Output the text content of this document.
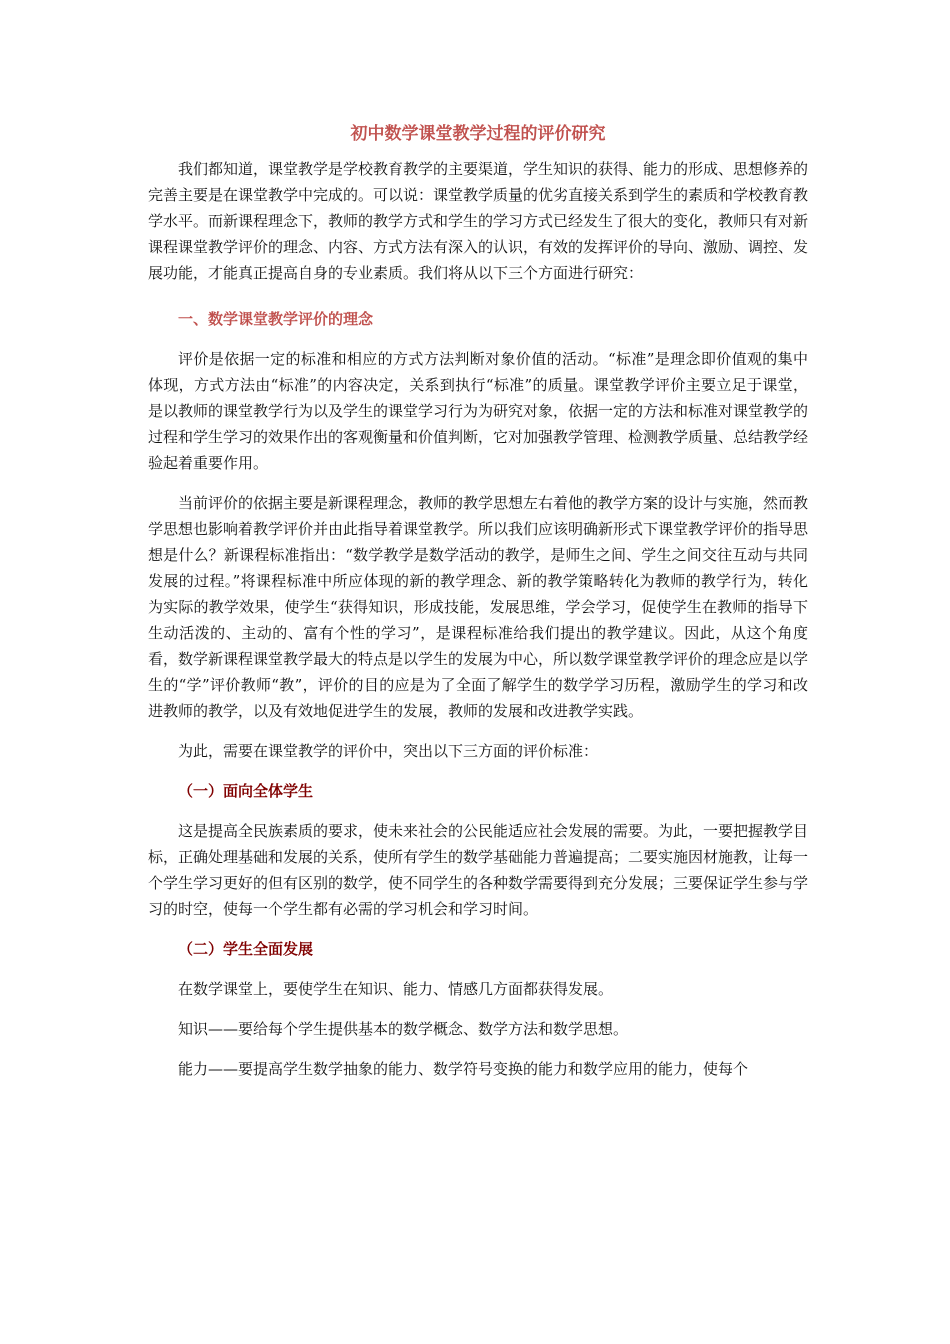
初中数学课堂教学过程的评价研究

我们都知道，课堂教学是学校教育教学的主要渠道，学生知识的获得、能力的形成、思想修养的完善主要是在课堂教学中完成的。可以说：课堂教学质量的优劣直接关系到学生的素质和学校教育教学水平。而新课程理念下，教师的教学方式和学生的学习方式已经发生了很大的变化，教师只有对新课程课堂教学评价的理念、内容、方式方法有深入的认识，有效的发挥评价的导向、激励、调控、发展功能，才能真正提高自身的专业素质。我们将从以下三个方面进行研究：

一、数学课堂教学评价的理念

评价是依据一定的标准和相应的方式方法判断对象价值的活动。“标准”是理念即价值观的集中体现，方式方法由“标准”的内容决定，关系到执行“标准”的质量。课堂教学评价主要立足于课堂，是以教师的课堂教学行为以及学生的课堂学习行为为研究对象，依据一定的方法和标准对课堂教学的过程和学生学习的效果作出的客观衡量和价值判断，它对加强教学管理、检测教学质量、总结教学经验起着重要作用。

当前评价的依据主要是新课程理念，教师的教学思想左右着他的教学方案的设计与实施，然而教学思想也影响着教学评价并由此指导着课堂教学。所以我们应该明确新形式下课堂教学评价的指导思想是什么？新课程标准指出：“数学教学是数学活动的教学，是师生之间、学生之间交往互动与共同发展的过程。”将课程标准中所应体现的新的教学理念、新的教学策略转化为教师的教学行为，转化为实际的教学效果，使学生“获得知识，形成技能，发展思维，学会学习，促使学生在教师的指导下生动活泼的、主动的、富有个性的学习”，是课程标准给我们提出的教学建议。因此，从这个角度看，数学新课程课堂教学最大的特点是以学生的发展为中心，所以数学课堂教学评价的理念应是以学生的“学”评价教师“教”，评价的目的应是为了全面了解学生的数学学习历程，激励学生的学习和改进教师的教学，以及有效地促进学生的发展，教师的发展和改进教学实践。

为此，需要在课堂教学的评价中，突出以下三方面的评价标准：

（一）面向全体学生

这是提高全民族素质的要求，使未来社会的公民能适应社会发展的需要。为此，一要把握教学目标，正确处理基础和发展的关系，使所有学生的数学基础能力普遍提高；二要实施因材施教，让每一个学生学习更好的但有区别的数学，使不同学生的各种数学需要得到充分发展；三要保证学生参与学习的时空，使每一个学生都有必需的学习机会和学习时间。

（二）学生全面发展

在数学课堂上，要使学生在知识、能力、情感几方面都获得发展。

知识——要给每个学生提供基本的数学概念、数学方法和数学思想。

能力——要提高学生数学抽象的能力、数学符号变换的能力和数学应用的能力，使每个
